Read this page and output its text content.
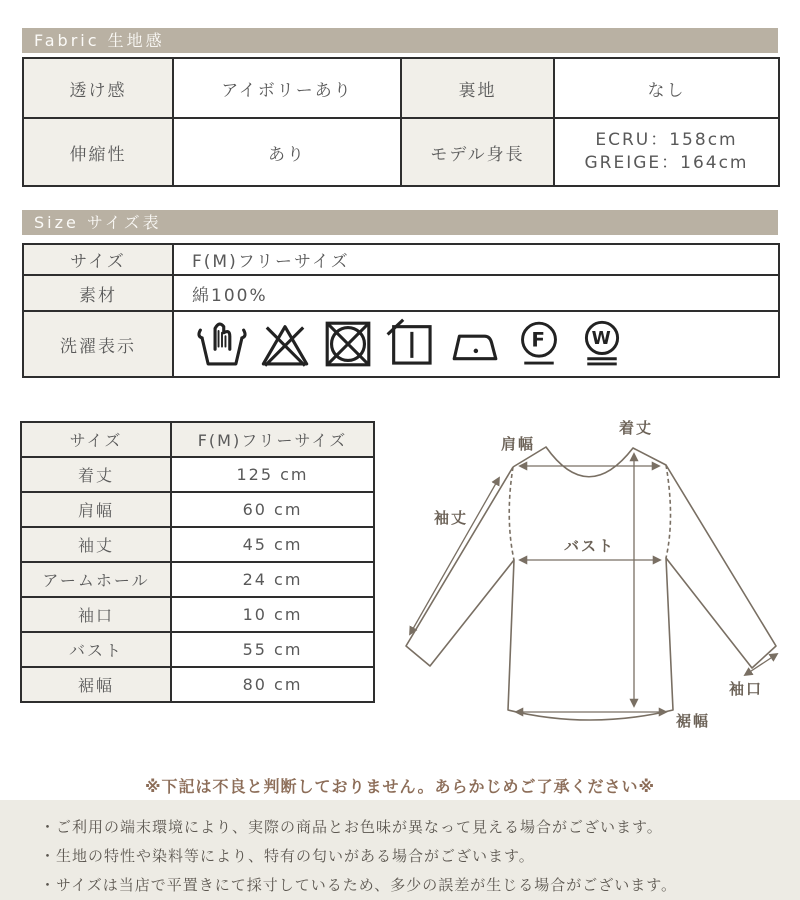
Fabric 生地感
透け感	アイボリーあり	裏地	なし
伸縮性	あり	モデル身長	ECRU：158cm
GREIGE：164cm
Size サイズ表
サイズ	F(M)フリーサイズ
素材	綿100%
洗濯表示	F W
サイズ	F(M)フリーサイズ
着丈	125 cm
肩幅	60 cm
袖丈	45 cm
アームホール	24 cm
袖口	10 cm
バスト	55 cm
裾幅	80 cm
肩幅
着丈
袖丈
バスト
袖口
裾幅
※下記は不良と判断しておりません。あらかじめご了承ください※
・ご利用の端末環境により、実際の商品とお色味が異なって見える場合がございます。
・生地の特性や染料等により、特有の匂いがある場合がございます。
・サイズは当店で平置きにて採寸しているため、多少の誤差が生じる場合がございます。
